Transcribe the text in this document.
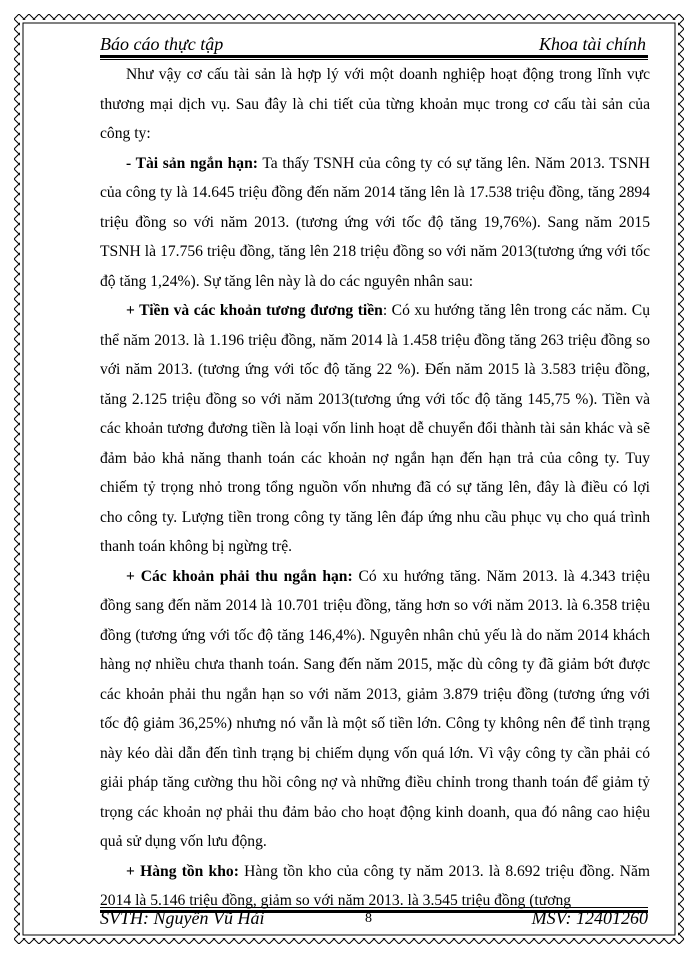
Báo cáo thực tập	Khoa tài chính

Như vậy cơ cấu tài sản là hợp lý với một doanh nghiệp hoạt động trong lĩnh vực thương mại dịch vụ. Sau đây là chi tiết của từng khoản mục trong cơ cấu tài sản của công ty:

- Tài sản ngắn hạn: Ta thấy TSNH của công ty có sự tăng lên. Năm 2013. TSNH của công ty là 14.645 triệu đồng đến năm 2014 tăng lên là 17.538 triệu đồng, tăng 2894 triệu đồng so với năm 2013. (tương ứng với tốc độ tăng 19,76%). Sang năm 2015 TSNH là 17.756 triệu đồng, tăng lên 218 triệu đồng so với năm 2013(tương ứng với tốc độ tăng 1,24%). Sự tăng lên này là do các nguyên nhân sau:

+ Tiền và các khoản tương đương tiền: Có xu hướng tăng lên trong các năm. Cụ thể năm 2013. là 1.196 triệu đồng, năm 2014 là 1.458 triệu đồng tăng 263 triệu đồng so với năm 2013. (tương ứng với tốc độ tăng 22 %). Đến năm 2015 là 3.583 triệu đồng, tăng 2.125 triệu đồng so với năm 2013(tương ứng với tốc độ tăng 145,75 %). Tiền và các khoản tương đương tiền là loại vốn linh hoạt dễ chuyển đổi thành tài sản khác và sẽ đảm bảo khả năng thanh toán các khoản nợ ngắn hạn đến hạn trả của công ty. Tuy chiếm tỷ trọng nhỏ trong tổng nguồn vốn nhưng đã có sự tăng lên, đây là điều có lợi cho công ty. Lượng tiền trong công ty tăng lên đáp ứng nhu cầu phục vụ cho quá trình thanh toán không bị ngừng trệ.

+ Các khoản phải thu ngắn hạn: Có xu hướng tăng. Năm 2013. là 4.343 triệu đồng sang đến năm 2014 là 10.701 triệu đồng, tăng hơn so với năm 2013. là 6.358 triệu đồng (tương ứng với tốc độ tăng 146,4%). Nguyên nhân chủ yếu là do năm 2014 khách hàng nợ nhiều chưa thanh toán. Sang đến năm 2015, mặc dù công ty đã giảm bớt được các khoản phải thu ngắn hạn so với năm 2013, giảm 3.879 triệu đồng (tương ứng với tốc độ giảm 36,25%) nhưng nó vẫn là một số tiền lớn. Công ty không nên để tình trạng này kéo dài dẫn đến tình trạng bị chiếm dụng vốn quá lớn. Vì vậy công ty cần phải có giải pháp tăng cường thu hồi công nợ và những điều chỉnh trong thanh toán để giảm tỷ trọng các khoản nợ phải thu đảm bảo cho hoạt động kinh doanh, qua đó nâng cao hiệu quả sử dụng vốn lưu động.

+ Hàng tồn kho: Hàng tồn kho của công ty năm 2013. là 8.692 triệu đồng. Năm 2014 là 5.146 triệu đồng, giảm so với năm 2013. là 3.545 triệu đồng (tương

SVTH: Nguyễn Vũ Hải	8	MSV: 12401260
